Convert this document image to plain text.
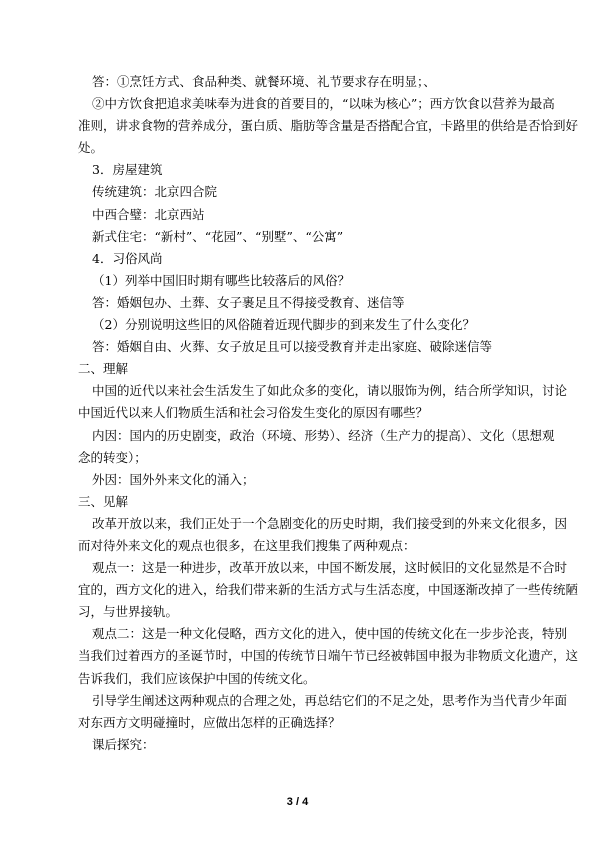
答：①烹饪方式、食品种类、就餐环境、礼节要求存在明显；、
②中方饮食把追求美味奉为进食的首要目的，“以味为核心”；西方饮食以营养为最高
准则，讲求食物的营养成分，蛋白质、脂肪等含量是否搭配合宜，卡路里的供给是否恰到好
处。
3．房屋建筑
传统建筑：北京四合院
中西合璧：北京西站
新式住宅：“新村”、“花园”、“别墅”、“公寓”
4．习俗风尚
（1）列举中国旧时期有哪些比较落后的风俗？
答：婚姻包办、土葬、女子裹足且不得接受教育、迷信等
（2）分别说明这些旧的风俗随着近现代脚步的到来发生了什么变化？
答：婚姻自由、火葬、女子放足且可以接受教育并走出家庭、破除迷信等
二、理解
中国的近代以来社会生活发生了如此众多的变化，请以服饰为例，结合所学知识，讨论
中国近代以来人们物质生活和社会习俗发生变化的原因有哪些？
内因：国内的历史剧变，政治（环境、形势）、经济（生产力的提高）、文化（思想观
念的转变）；
外因：国外外来文化的涌入；
三、见解
改革开放以来，我们正处于一个急剧变化的历史时期，我们接受到的外来文化很多，因
而对待外来文化的观点也很多，在这里我们搜集了两种观点：
观点一：这是一种进步，改革开放以来，中国不断发展，这时候旧的文化显然是不合时
宜的，西方文化的进入，给我们带来新的生活方式与生活态度，中国逐渐改掉了一些传统陋
习，与世界接轨。
观点二：这是一种文化侵略，西方文化的进入，使中国的传统文化在一步步沦丧，特别
当我们过着西方的圣诞节时，中国的传统节日端午节已经被韩国申报为非物质文化遗产，这
告诉我们，我们应该保护中国的传统文化。
引导学生阐述这两种观点的合理之处，再总结它们的不足之处，思考作为当代青少年面
对东西方文明碰撞时，应做出怎样的正确选择？
课后探究：
3 / 4
